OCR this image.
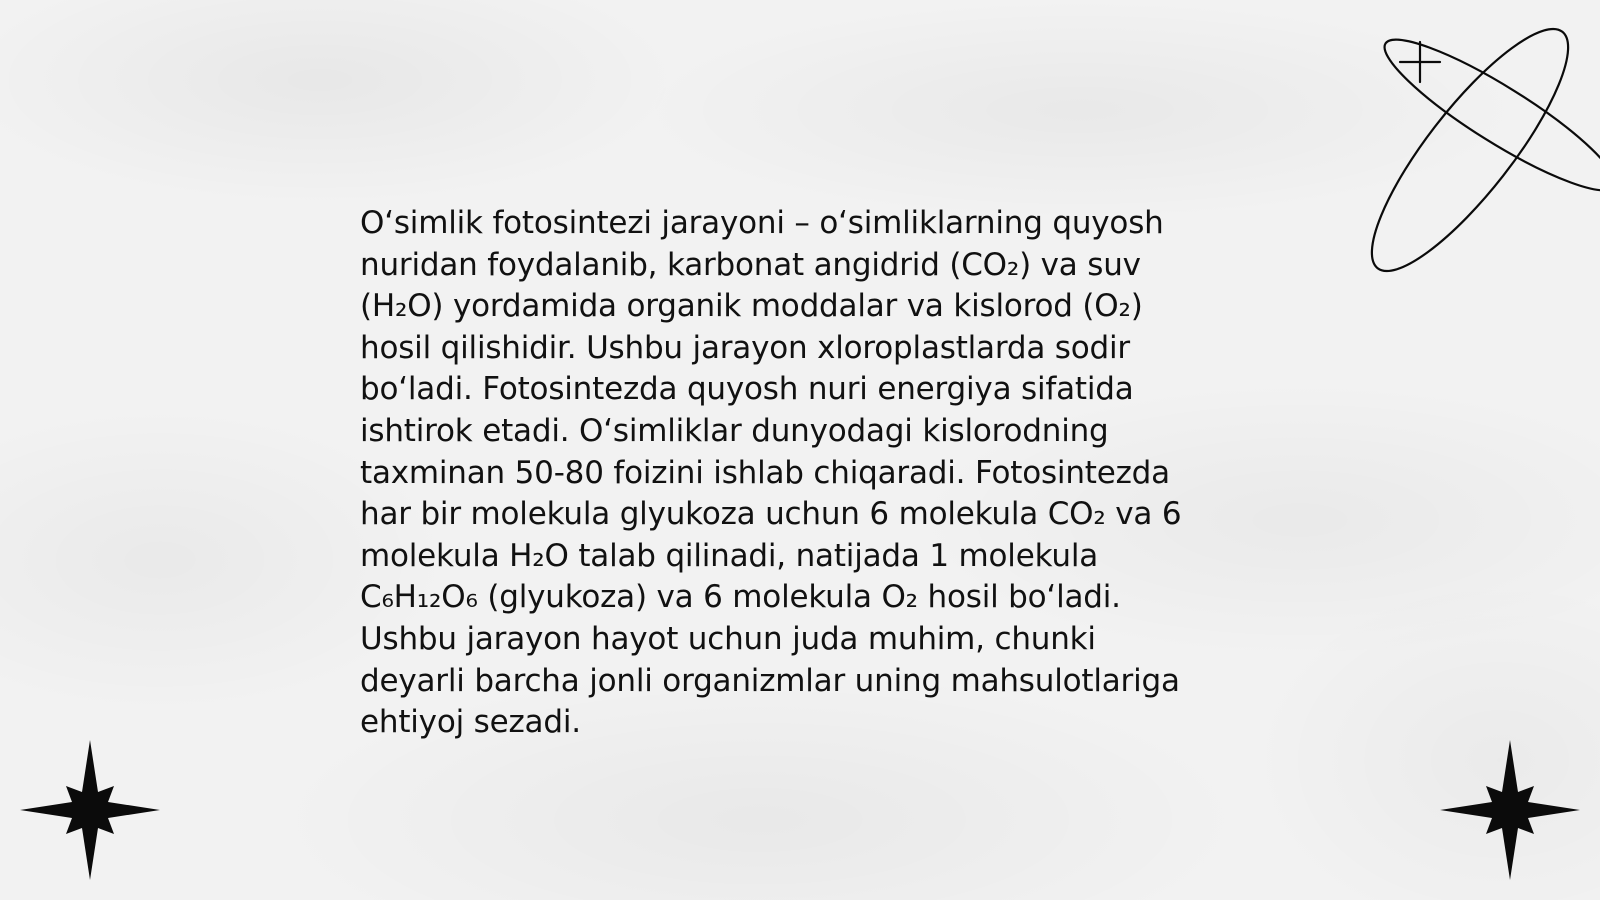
O‘simlik fotosintezi jarayoni – o‘simliklarning quyosh
nuridan foydalanib, karbonat angidrid (CO₂) va suv
(H₂O) yordamida organik moddalar va kislorod (O₂)
hosil qilishidir. Ushbu jarayon xloroplastlarda sodir
bo‘ladi. Fotosintezda quyosh nuri energiya sifatida
ishtirok etadi. O‘simliklar dunyodagi kislorodning
taxminan 50-80 foizini ishlab chiqaradi. Fotosintezda
har bir molekula glyukoza uchun 6 molekula CO₂ va 6
molekula H₂O talab qilinadi, natijada 1 molekula
C₆H₁₂O₆ (glyukoza) va 6 molekula O₂ hosil bo‘ladi.
Ushbu jarayon hayot uchun juda muhim, chunki
deyarli barcha jonli organizmlar uning mahsulotlariga
ehtiyoj sezadi.
